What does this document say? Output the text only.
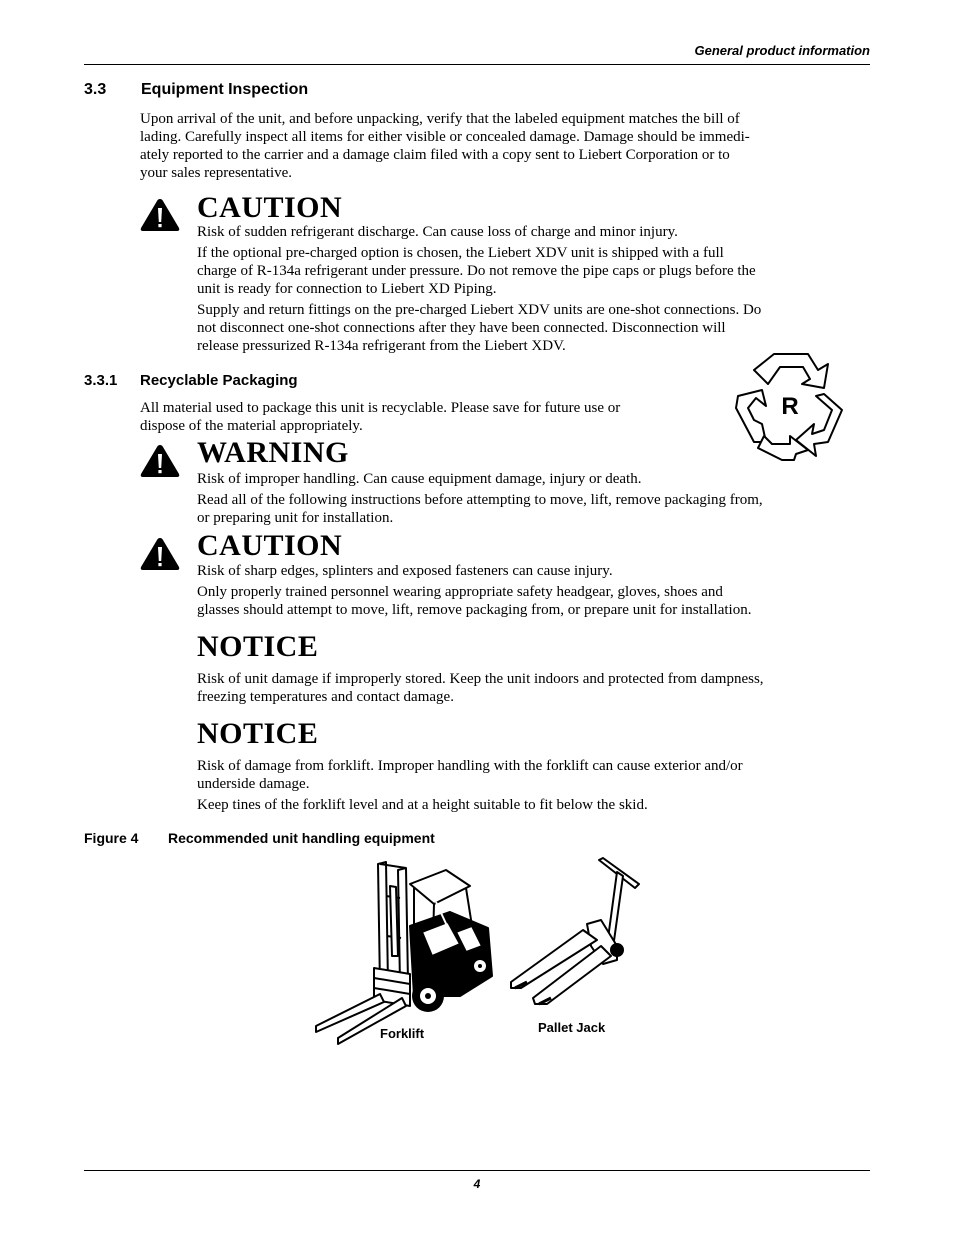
General product information
3.3 Equipment Inspection
Upon arrival of the unit, and before unpacking, verify that the labeled equipment matches the bill of
lading. Carefully inspect all items for either visible or concealed damage. Damage should be immedi-
ately reported to the carrier and a damage claim filed with a copy sent to Liebert Corporation or to
your sales representative.
CAUTION
Risk of sudden refrigerant discharge. Can cause loss of charge and minor injury.
If the optional pre-charged option is chosen, the Liebert XDV unit is shipped with a full
charge of R-134a refrigerant under pressure. Do not remove the pipe caps or plugs before the
unit is ready for connection to Liebert XD Piping.
Supply and return fittings on the pre-charged Liebert XDV units are one-shot connections. Do
not disconnect one-shot connections after they have been connected. Disconnection will
release pressurized R-134a refrigerant from the Liebert XDV.
3.3.1 Recyclable Packaging
All material used to package this unit is recyclable. Please save for future use or
dispose of the material appropriately.
R
WARNING
Risk of improper handling. Can cause equipment damage, injury or death.
Read all of the following instructions before attempting to move, lift, remove packaging from,
or preparing unit for installation.
CAUTION
Risk of sharp edges, splinters and exposed fasteners can cause injury.
Only properly trained personnel wearing appropriate safety headgear, gloves, shoes and
glasses should attempt to move, lift, remove packaging from, or prepare unit for installation.
NOTICE
Risk of unit damage if improperly stored. Keep the unit indoors and protected from dampness,
freezing temperatures and contact damage.
NOTICE
Risk of damage from forklift. Improper handling with the forklift can cause exterior and/or
underside damage.
Keep tines of the forklift level and at a height suitable to fit below the skid.
Figure 4 Recommended unit handling equipment
Forklift	Pallet Jack
4
